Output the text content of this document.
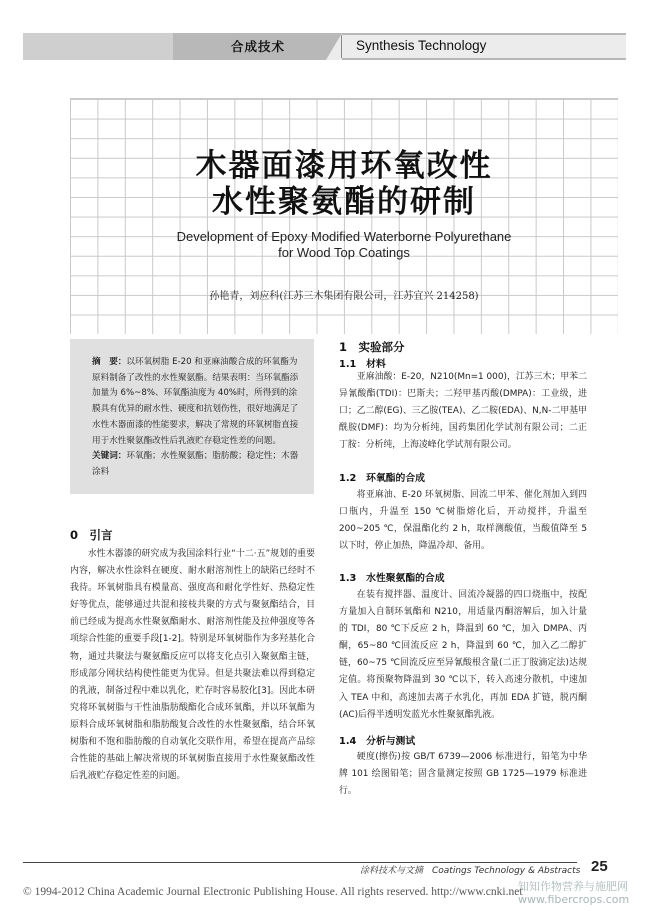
合成技术	Synthesis Technology
木器面漆用环氧改性
水性聚氨酯的研制
Development of Epoxy Modified Waterborne Polyurethane
for Wood Top Coatings
孙艳青，刘应科(江苏三木集团有限公司，江苏宜兴 214258)

摘　要：以环氧树脂 E-20 和亚麻油酸合成的环氧酯为原料制备了改性的水性聚氨酯。结果表明：当环氧酯添加量为 6%~8%、环氧酯油度为 40%时，所得到的涂膜具有优异的耐水性、硬度和抗划伤性，很好地满足了水性木器面漆的性能要求，解决了常规的环氧树脂直接用于水性聚氨酯改性后乳液贮存稳定性差的问题。

关键词：环氧酯；水性聚氨酯；脂肪酸；稳定性；木器涂料

0　引言
水性木器漆的研究成为我国涂料行业“十二·五”规划的重要内容，解决水性涂料在硬度、耐水耐溶剂性上的缺陷已经时不我待。环氧树脂具有模量高、强度高和耐化学性好、热稳定性好等优点，能够通过共混和接枝共聚的方式与聚氨酯结合，目前已经成为提高水性聚氨酯耐水、耐溶剂性能及拉伸强度等各项综合性能的重要手段[1-2]。特别是环氧树脂作为多羟基化合物，通过共聚法与聚氨酯反应可以将支化点引入聚氨酯主链，形成部分网状结构使性能更为优异。但是共聚法难以得到稳定的乳液，制备过程中难以乳化，贮存时容易胶化[3]。因此本研究将环氧树脂与干性油脂肪酸酯化合成环氧酯，并以环氧酯为原料合成环氧树脂和脂肪酸复合改性的水性聚氨酯，结合环氧树脂和不饱和脂肪酸的自动氧化交联作用，希望在提高产品综合性能的基础上解决常规的环氧树脂直接用于水性聚氨酯改性后乳液贮存稳定性差的问题。
1　实验部分
1.1　材料
亚麻油酸：E-20，N210(Mn=1 000)，江苏三木；甲苯二异氰酸酯(TDI)：巴斯夫；二羟甲基丙酸(DMPA)：工业级，进口；乙二醇(EG)、三乙胺(TEA)、乙二胺(EDA)、N,N-二甲基甲酰胺(DMF)：均为分析纯，国药集团化学试剂有限公司；二正丁胺：分析纯，上海凌峰化学试剂有限公司。
1.2　环氧酯的合成
将亚麻油、E-20 环氧树脂、回流二甲苯、催化剂加入到四口瓶内，升温至 150 ℃树脂熔化后，开动搅拌，升温至 200~205 ℃，保温酯化约 2 h，取样测酸值，当酸值降至 5 以下时，停止加热，降温冷却、备用。
1.3　水性聚氨酯的合成
在装有搅拌器、温度计、回流冷凝器的四口烧瓶中，按配方量加入自制环氧酯和 N210，用适量丙酮溶解后，加入计量的 TDI，80 ℃下反应 2 h，降温到 60 ℃，加入 DMPA、丙酮，65~80 ℃回流反应 2 h，降温到 60 ℃，加入乙二醇扩链，60~75 ℃回流反应至异氰酸根含量(二正丁胺滴定法)达规定值。将预聚物降温到 30 ℃以下，转入高速分散机，中速加入 TEA 中和，高速加去离子水乳化，再加 EDA 扩链，脱丙酮(AC)后得半透明发蓝光水性聚氨酯乳液。
1.4　分析与测试
硬度(擦伤)按 GB/T 6739—2006 标准进行，铅笔为中华牌 101 绘图铅笔；固含量测定按照 GB 1725—1979 标准进行。
涂料技术与文摘　Coatings Technology & Abstracts 25
© 1994-2012 China Academic Journal Electronic Publishing House. All rights reserved. http://www.cnki.net
知知作物营养与施肥网 www.fibercrops.com
